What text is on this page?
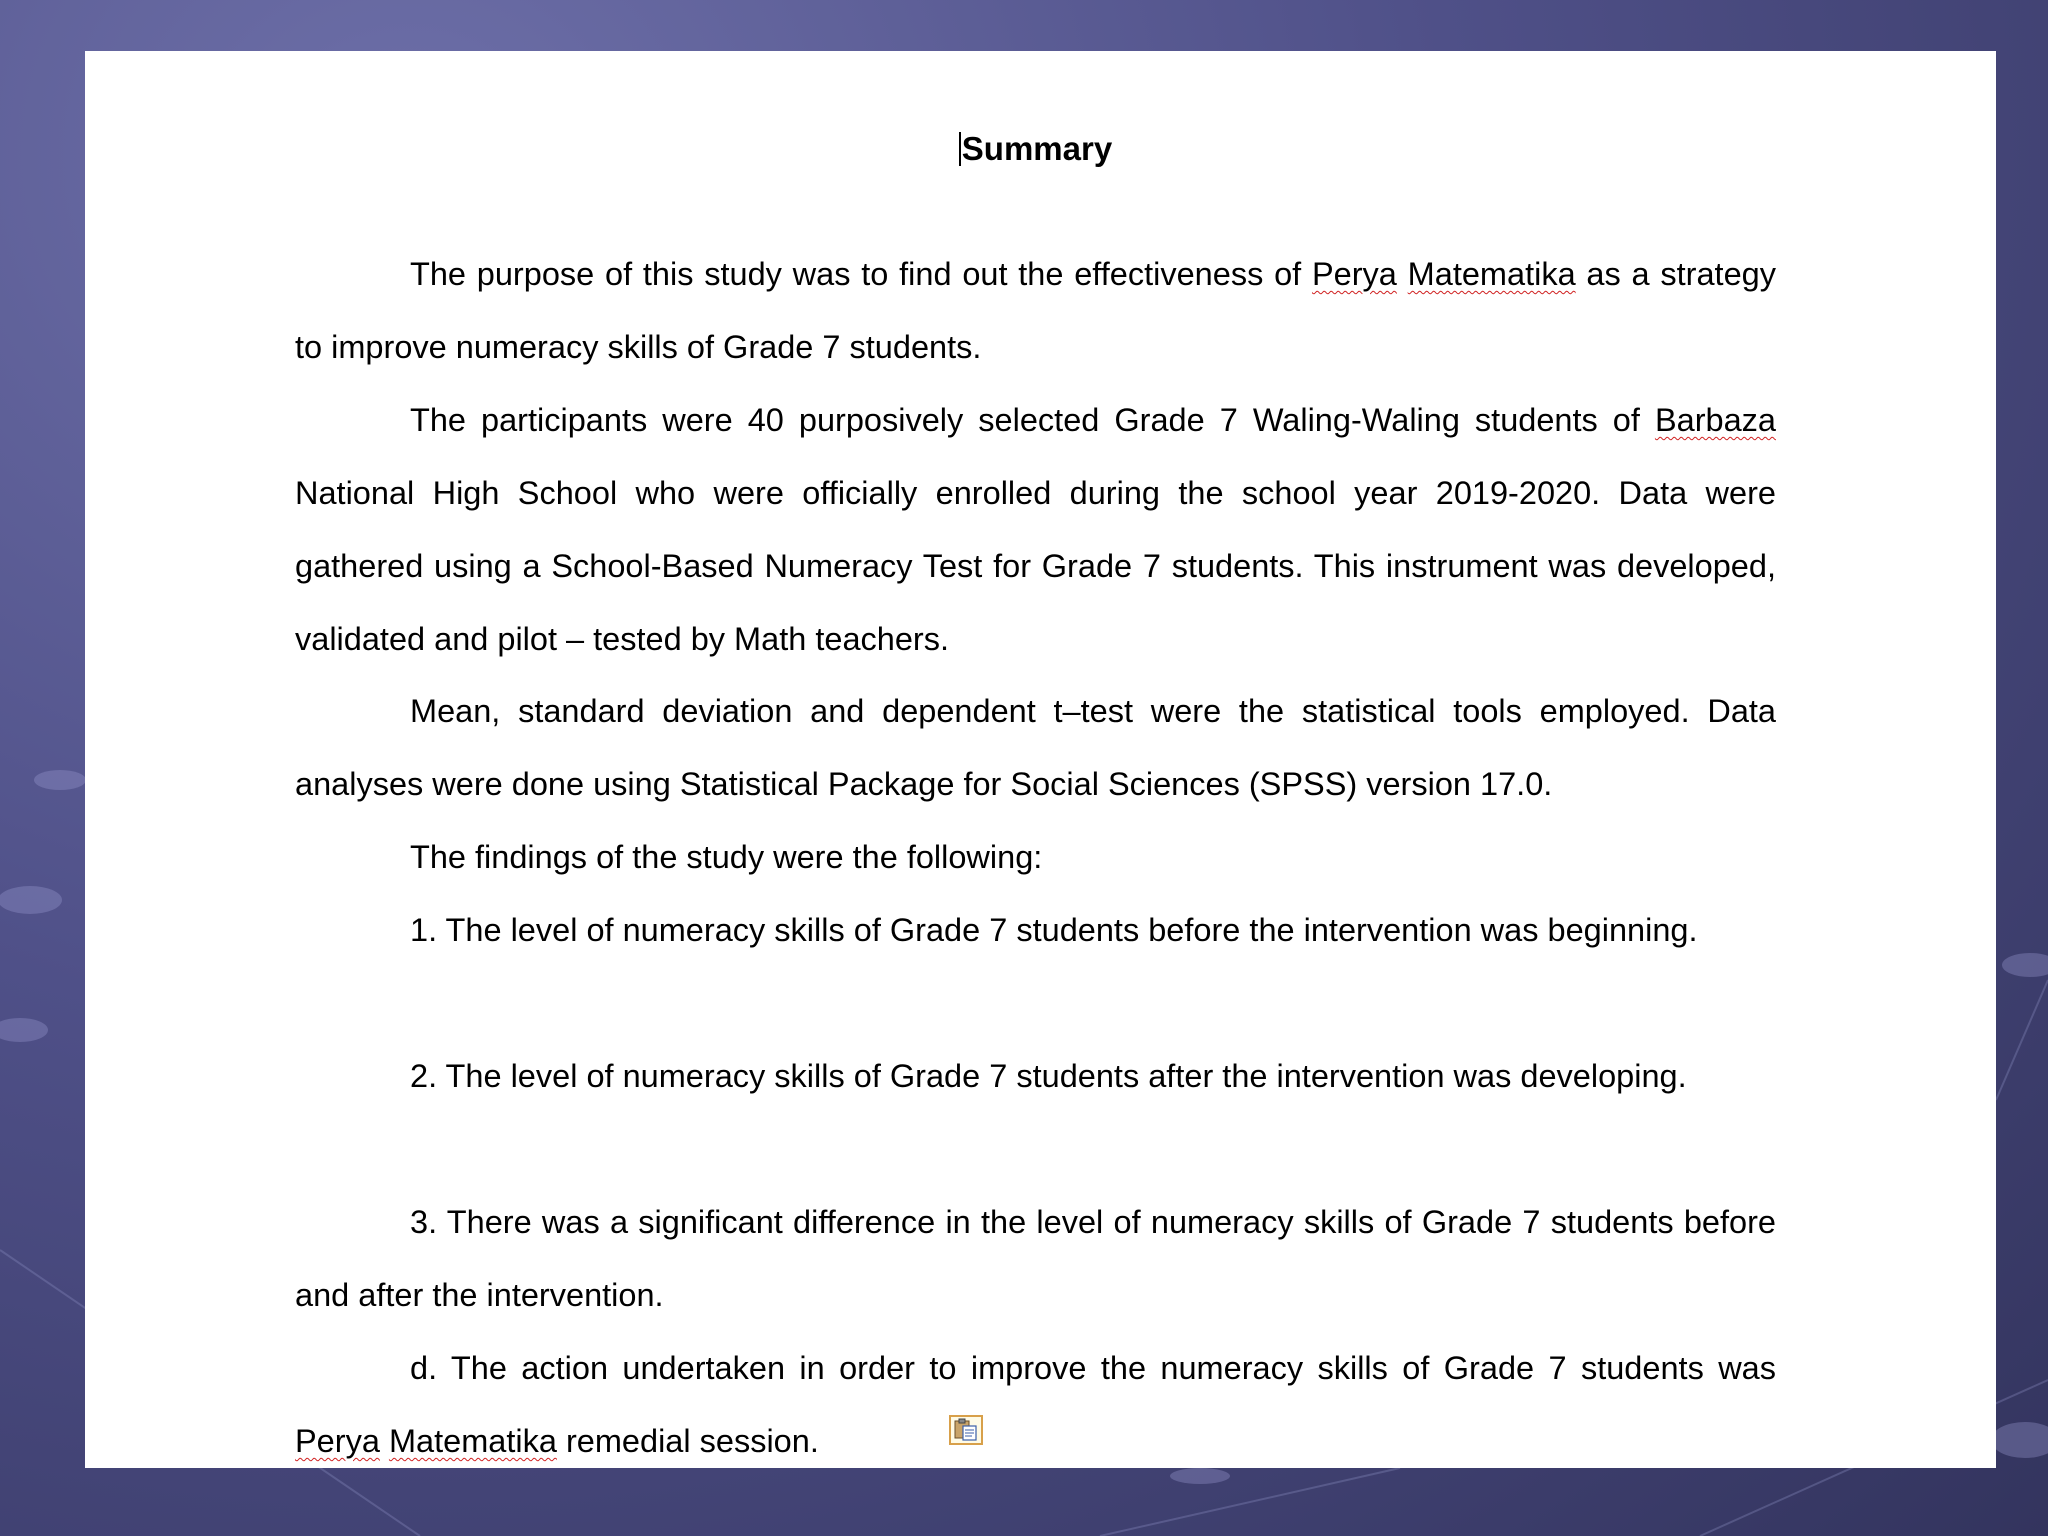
Summary

The purpose of this study was to find out the effectiveness of Perya Matematika as a strategy to improve numeracy skills of Grade 7 students.

The participants were 40 purposively selected Grade 7 Waling-Waling students of Barbaza National High School who were officially enrolled during the school year 2019-2020. Data were gathered using a School-Based Numeracy Test for Grade 7 students. This instrument was developed, validated and pilot – tested by Math teachers.

Mean, standard deviation and dependent t–test were the statistical tools employed. Data analyses were done using Statistical Package for Social Sciences (SPSS) version 17.0.

The findings of the study were the following:

1. The level of numeracy skills of Grade 7 students before the intervention was beginning.

2. The level of numeracy skills of Grade 7 students after the intervention was developing.

3. There was a significant difference in the level of numeracy skills of Grade 7 students before and after the intervention.

d. The action undertaken in order to improve the numeracy skills of Grade 7 students was Perya Matematika remedial session.
